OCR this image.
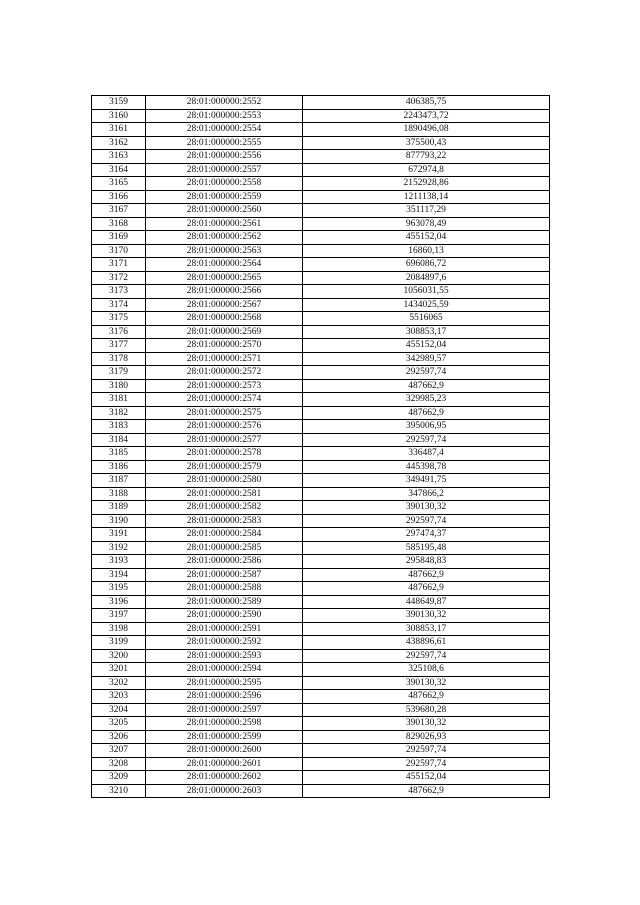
3159	28:01:000000:2552	406385,75
3160	28:01:000000:2553	2243473,72
3161	28:01:000000:2554	1890496,08
3162	28:01:000000:2555	375500,43
3163	28:01:000000:2556	877793,22
3164	28:01:000000:2557	672974,8
3165	28:01:000000:2558	2152928,86
3166	28:01:000000:2559	1211138,14
3167	28:01:000000:2560	351117,29
3168	28:01:000000:2561	963078,49
3169	28:01:000000:2562	455152,04
3170	28:01:000000:2563	16860,13
3171	28:01:000000:2564	696086,72
3172	28:01:000000:2565	2084897,6
3173	28:01:000000:2566	1056031,55
3174	28:01:000000:2567	1434025,59
3175	28:01:000000:2568	5516065
3176	28:01:000000:2569	308853,17
3177	28:01:000000:2570	455152,04
3178	28:01:000000:2571	342989,57
3179	28:01:000000:2572	292597,74
3180	28:01:000000:2573	487662,9
3181	28:01:000000:2574	329985,23
3182	28:01:000000:2575	487662,9
3183	28:01:000000:2576	395006,95
3184	28:01:000000:2577	292597,74
3185	28:01:000000:2578	336487,4
3186	28:01:000000:2579	445398,78
3187	28:01:000000:2580	349491,75
3188	28:01:000000:2581	347866,2
3189	28:01:000000:2582	390130,32
3190	28:01:000000:2583	292597,74
3191	28:01:000000:2584	297474,37
3192	28:01:000000:2585	585195,48
3193	28:01:000000:2586	295848,83
3194	28:01:000000:2587	487662,9
3195	28:01:000000:2588	487662,9
3196	28:01:000000:2589	448649,87
3197	28:01:000000:2590	390130,32
3198	28:01:000000:2591	308853,17
3199	28:01:000000:2592	438896,61
3200	28:01:000000:2593	292597,74
3201	28:01:000000:2594	325108,6
3202	28:01:000000:2595	390130,32
3203	28:01:000000:2596	487662,9
3204	28:01:000000:2597	539680,28
3205	28:01:000000:2598	390130,32
3206	28:01:000000:2599	829026,93
3207	28:01:000000:2600	292597,74
3208	28:01:000000:2601	292597,74
3209	28:01:000000:2602	455152,04
3210	28:01:000000:2603	487662,9
